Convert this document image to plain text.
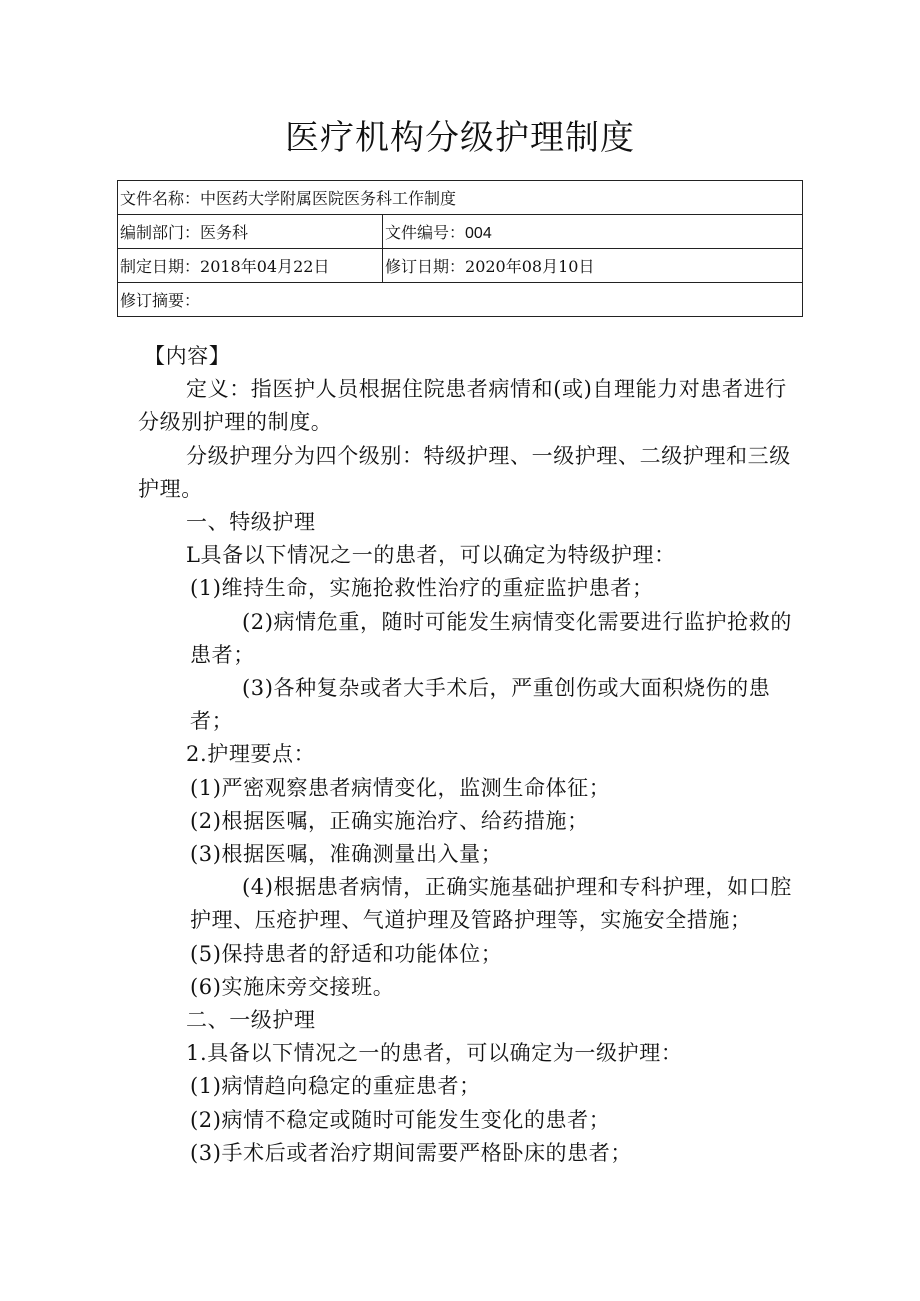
医疗机构分级护理制度
文件名称：中医药大学附属医院医务科工作制度	
编制部门：医务科	文件编号：004
制定日期：2018年04月22日	修订日期：2020年08月10日
修订摘要：	

【内容】

定义：指医护人员根据住院患者病情和(或)自理能力对患者进行分级别护理的制度。

分级护理分为四个级别：特级护理、一级护理、二级护理和三级护理。

一、特级护理

L具备以下情况之一的患者，可以确定为特级护理：

(1)维持生命，实施抢救性治疗的重症监护患者；

(2)病情危重，随时可能发生病情变化需要进行监护抢救的患者；

(3)各种复杂或者大手术后，严重创伤或大面积烧伤的患者；

2.护理要点：

(1)严密观察患者病情变化，监测生命体征；

(2)根据医嘱，正确实施治疗、给药措施；

(3)根据医嘱，准确测量出入量；

(4)根据患者病情，正确实施基础护理和专科护理，如口腔护理、压疮护理、气道护理及管路护理等，实施安全措施；

(5)保持患者的舒适和功能体位；

(6)实施床旁交接班。

二、一级护理

1.具备以下情况之一的患者，可以确定为一级护理：

(1)病情趋向稳定的重症患者；

(2)病情不稳定或随时可能发生变化的患者；

(3)手术后或者治疗期间需要严格卧床的患者；
